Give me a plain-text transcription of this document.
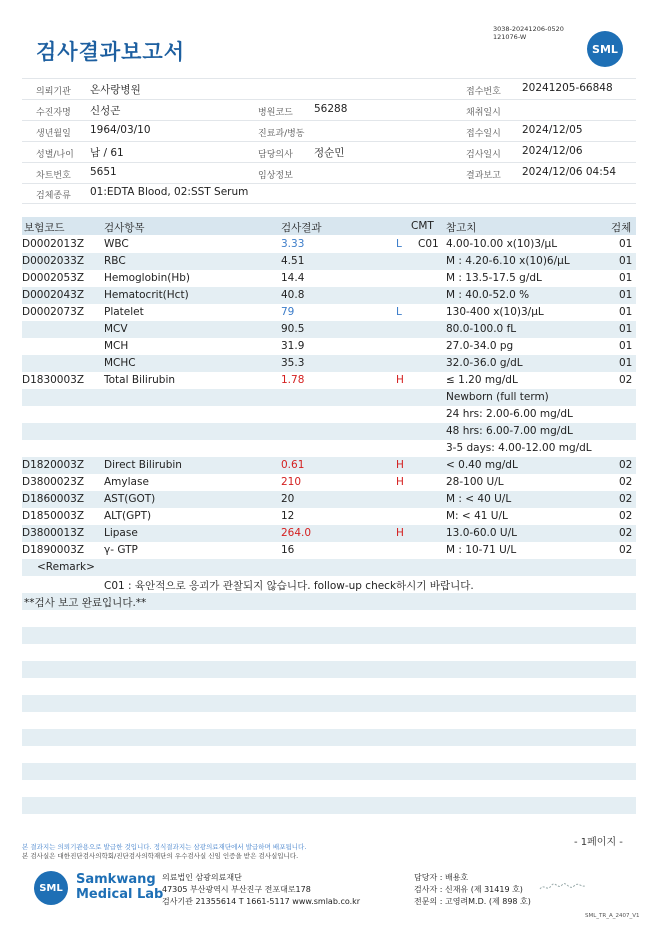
검사결과보고서
3038-20241206-0520
121076-W
SML
의뢰기관 온사랑병원	접수번호 20241205-66848
수진자명 신성곤	병원코드 56288	채취일시
생년월일 1964/03/10	진료과/병동	접수일시 2024/12/05
성별/나이 남 / 61	담당의사 정순민	검사일시 2024/12/06
차트번호 5651	임상정보	결과보고 2024/12/06 04:54
검체종류 01:EDTA Blood, 02:SST Serum
보험코드	검사항목	검사결과	CMT 참고치	검체
D0002013Z WBC	3.33	L C01 4.00-10.00 x(10)3/μL	01
D0002033Z RBC	4.51	M : 4.20-6.10 x(10)6/μL	01
D0002053Z Hemoglobin(Hb)	14.4	M : 13.5-17.5 g/dL	01
D0002043Z Hematocrit(Hct)	40.8	M : 40.0-52.0 %	01
D0002073Z Platelet	79	L	130-400 x(10)3/μL	01
MCV	90.5	80.0-100.0 fL	01
MCH	31.9	27.0-34.0 pg	01
MCHC	35.3	32.0-36.0 g/dL	01
D1830003Z Total Bilirubin	1.78	H	≤ 1.20 mg/dL	02
Newborn (full term)
24 hrs: 2.00-6.00 mg/dL
48 hrs: 6.00-7.00 mg/dL
3-5 days: 4.00-12.00 mg/dL
D1820003Z Direct Bilirubin	0.61	H	< 0.40 mg/dL	02
D3800023Z Amylase	210	H	28-100 U/L	02
D1860003Z AST(GOT)	20	M : < 40 U/L	02
D1850003Z ALT(GPT)	12	M: < 41 U/L	02
D3800013Z Lipase	264.0	H	13.0-60.0 U/L	02
D1890003Z γ- GTP	16	M : 10-71 U/L	02
<Remark>
C01 : 육안적으로 응괴가 관찰되지 않습니다. follow-up check하시기 바랍니다.
**검사 보고 완료입니다.**
본 결과지는 의뢰기관용으로 발급한 것입니다. 정식결과지는 삼광의료재단에서 발급하며 배포됩니다.
본 검사실은 대한진단검사의학회/진단검사의학재단의 우수검사실 신임 인증을 받은 검사실입니다.
- 1페이지 -
SML
Samkwang
Medical Lab
의료법인 삼광의료재단
47305 부산광역시 부산진구 전포대로178
검사기관 21355614 T 1661-5117 www.smlab.co.kr
담당자 : 배용호
검사자 : 신재유 (제 31419 호)
전문의 : 고영려M.D. (제 898 호)
SML_TR_A_2407_V1
